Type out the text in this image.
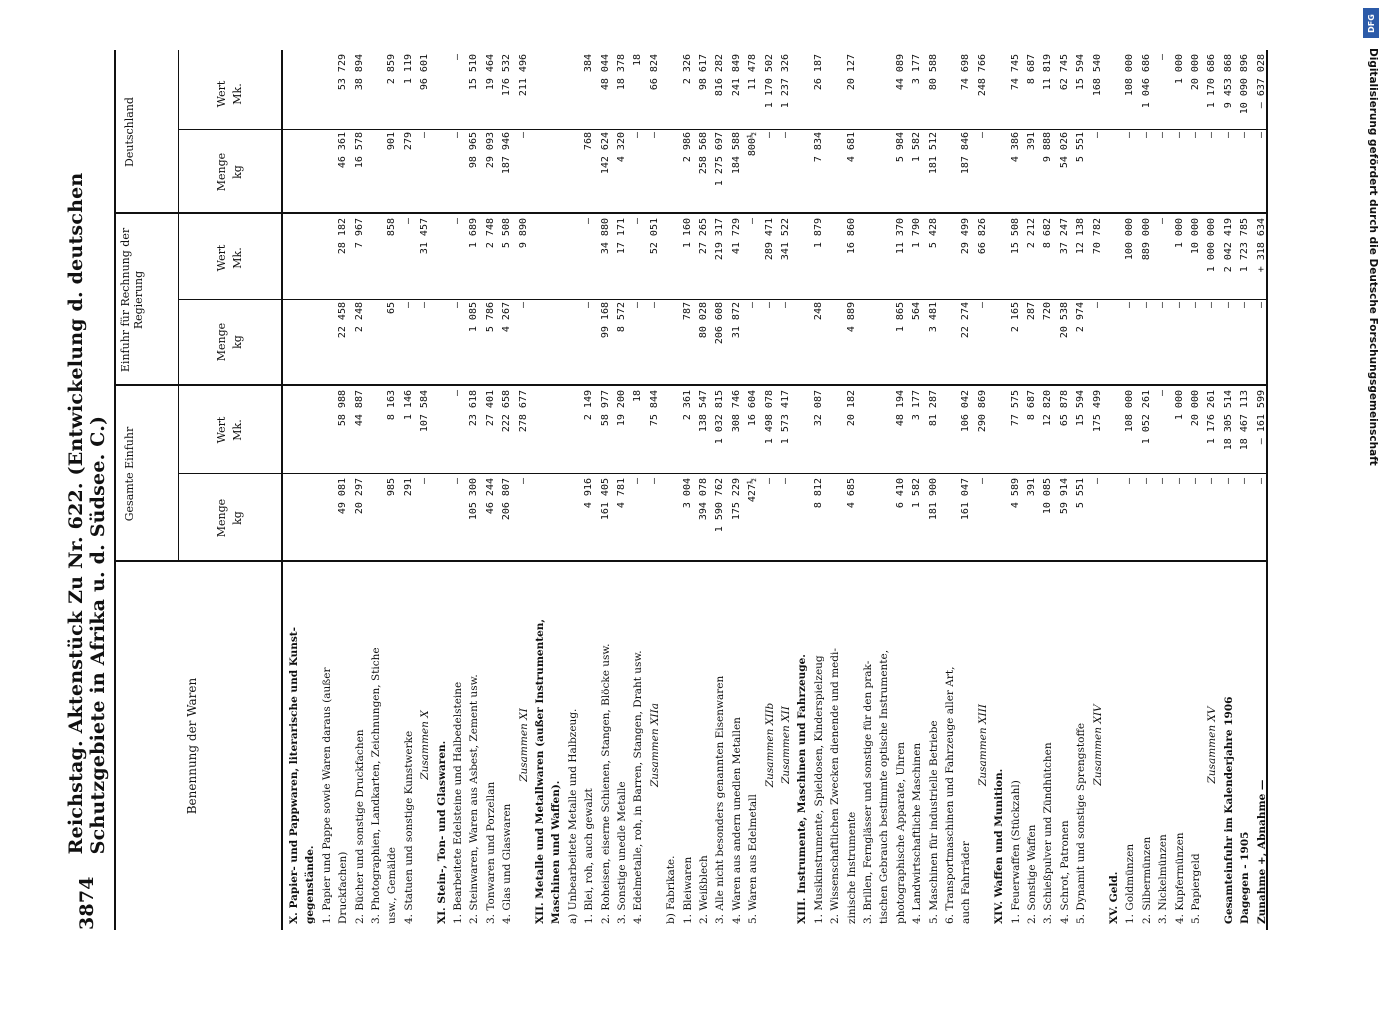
3874
Reichstag. Aktenstück Zu Nr. 622. (Entwickelung d. deutschen Schutzgebiete in Afrika u. d. Südsee. C.)	Benennung der Waren
Gesamte Einfuhr
Einfuhr für Rechnung der Regierung
Deutschland
Menge kg
Wert Mk.
Menge kg
Wert Mk.
Menge kg
Wert Mk.
X. Papier- und Pappwaren, literarische und Kunst- gegenstände. 1. Papier und Pappe sowie Waren daraus (außer Druckfachen)
49 081
58 988
22 458
28 182
46 361
53 729
2. Bücher und sonstige Druckfachen
20 297
44 887
2 248
7 967
16 578
38 894
3. Photographien, Landkarten, Zeichnungen, Stiche usw., Gemälde
985
8 163
65
858
901
2 859
4. Statuen und sonstige Kunstwerke
291
1 146
—
—
279
1 119
Zusammen X
—
107 584
—
31 457
—
96 601
XI. Stein-, Ton- und Glaswaren. 1. Bearbeitete Edelsteine und Halbedelsteine
—
—
—
—
—
—
2. Steinwaren, Waren aus Asbest, Zement usw.
105 300
23 618
1 085
1 689
98 965
15 510
3. Tonwaren und Porzellan
46 244
27 401
5 786
2 748
29 093
19 464
4. Glas und Glaswaren
206 807
222 658
4 267
5 508
187 946
176 532
Zusammen XI
—
278 677
—
9 890
—
211 496
XII. Metalle und Metallwaren (außer Instrumenten, Maschinen und Waffen). a) Unbearbeitete Metalle und Halbzeug. 1. Blei, roh, auch gewalzt
4 916
2 149
—
—
768
384
2. Roheisen, eiserne Schienen, Stangen, Blöcke usw.
161 405
58 977
99 168
34 880
142 624
48 044
3. Sonstige unedle Metalle
4 781
19 200
8 572
17 171
4 320
18 378
4. Edelmetalle, roh, in Barren, Stangen, Draht usw.
—
18
—
—
—
18
Zusammen XIIa
—
75 844
—
52 051
—
66 824
b) Fabrikate. 1. Bleiwaren
3 004
2 361
787
1 160
2 986
2 326
2. Weißblech
394 078
138 547
80 028
27 265
258 568
98 617
3. Alle nicht besonders genannten Eisenwaren
1 590 762
1 032 815
206 608
219 317
1 275 697
816 282
4. Waren aus andern unedlen Metallen
175 229
308 746
31 872
41 729
184 588
241 849
5. Waren aus Edelmetall
427½
16 604
—
—
800½
11 478
Zusammen XIIb
—
1 498 078
—
289 471
—
1 170 502
Zusammen XII
—
1 573 417
—
341 522
—
1 237 326
XIII. Instrumente, Maschinen und Fahrzeuge. 1. Musikinstrumente, Spieldosen, Kinderspielzeug
8 812
32 087
248
1 879
7 834
26 187
2. Wissenschaftlichen Zwecken dienende und medi- zinische Instrumente
4 685
20 182
4 889
16 860
4 681
20 127
3. Brillen, Fernglässer und sonstige für den prak- tischen Gebrauch bestimmte optische Instrumente, photographische Apparate, Uhren
6 410
48 194
1 865
11 370
5 984
44 089
4. Landwirtschaftliche Maschinen
1 582
3 177
564
1 790
1 582
3 177
5. Maschinen für industrielle Betriebe
181 900
81 287
3 481
5 428
181 512
80 588
6. Transportmaschinen und Fahrzeuge aller Art, auch Fahrräder
161 047
106 042
22 274
29 499
187 846
74 698
Zusammen XIII
—
290 869
—
66 826
—
248 766
XIV. Waffen und Munition. 1. Feuerwaffen (Stückzahl)
4 589
77 575
2 165
15 508
4 386
74 745
2. Sonstige Waffen
391
8 687
287
2 212
391
8 687
3. Schießpulver und Zündhütchen
10 085
12 820
720
8 682
9 888
11 819
4. Schrot, Patronen
59 914
65 878
20 538
37 247
54 026
62 745
5. Dynamit und sonstige Sprengstoffe
5 551
15 594
2 974
12 138
5 551
15 594
Zusammen XIV
—
175 499
—
70 782
—
168 540
XV. Geld. 1. Goldmünzen
—
108 000
—
100 000
—
108 000
2. Silbermünzen
—
1 052 261
—
889 000
—
1 046 686
3. Nickelmünzen
—
—
—
—
—
—
4. Kupfermünzen
—
1 000
—
1 000
—
1 000
5. Papiergeld
—
20 000
—
10 000
—
20 000
Zusammen XV
—
1 176 261
—
1 000 000
—
1 170 686
Gesamteinfuhr im Kalenderjahre 1906
—
18 305 514
—
2 042 419
—
9 453 868
Dagegen - 1905
—
18 467 113
—
1 723 785
—
10 090 896
Zunahme +, Abnahme —
—
— 161 599
—
+ 318 634
—
— 637 028
DFG
Digitalisierung gefördert durch die Deutsche Forschungsgemeinschaft
